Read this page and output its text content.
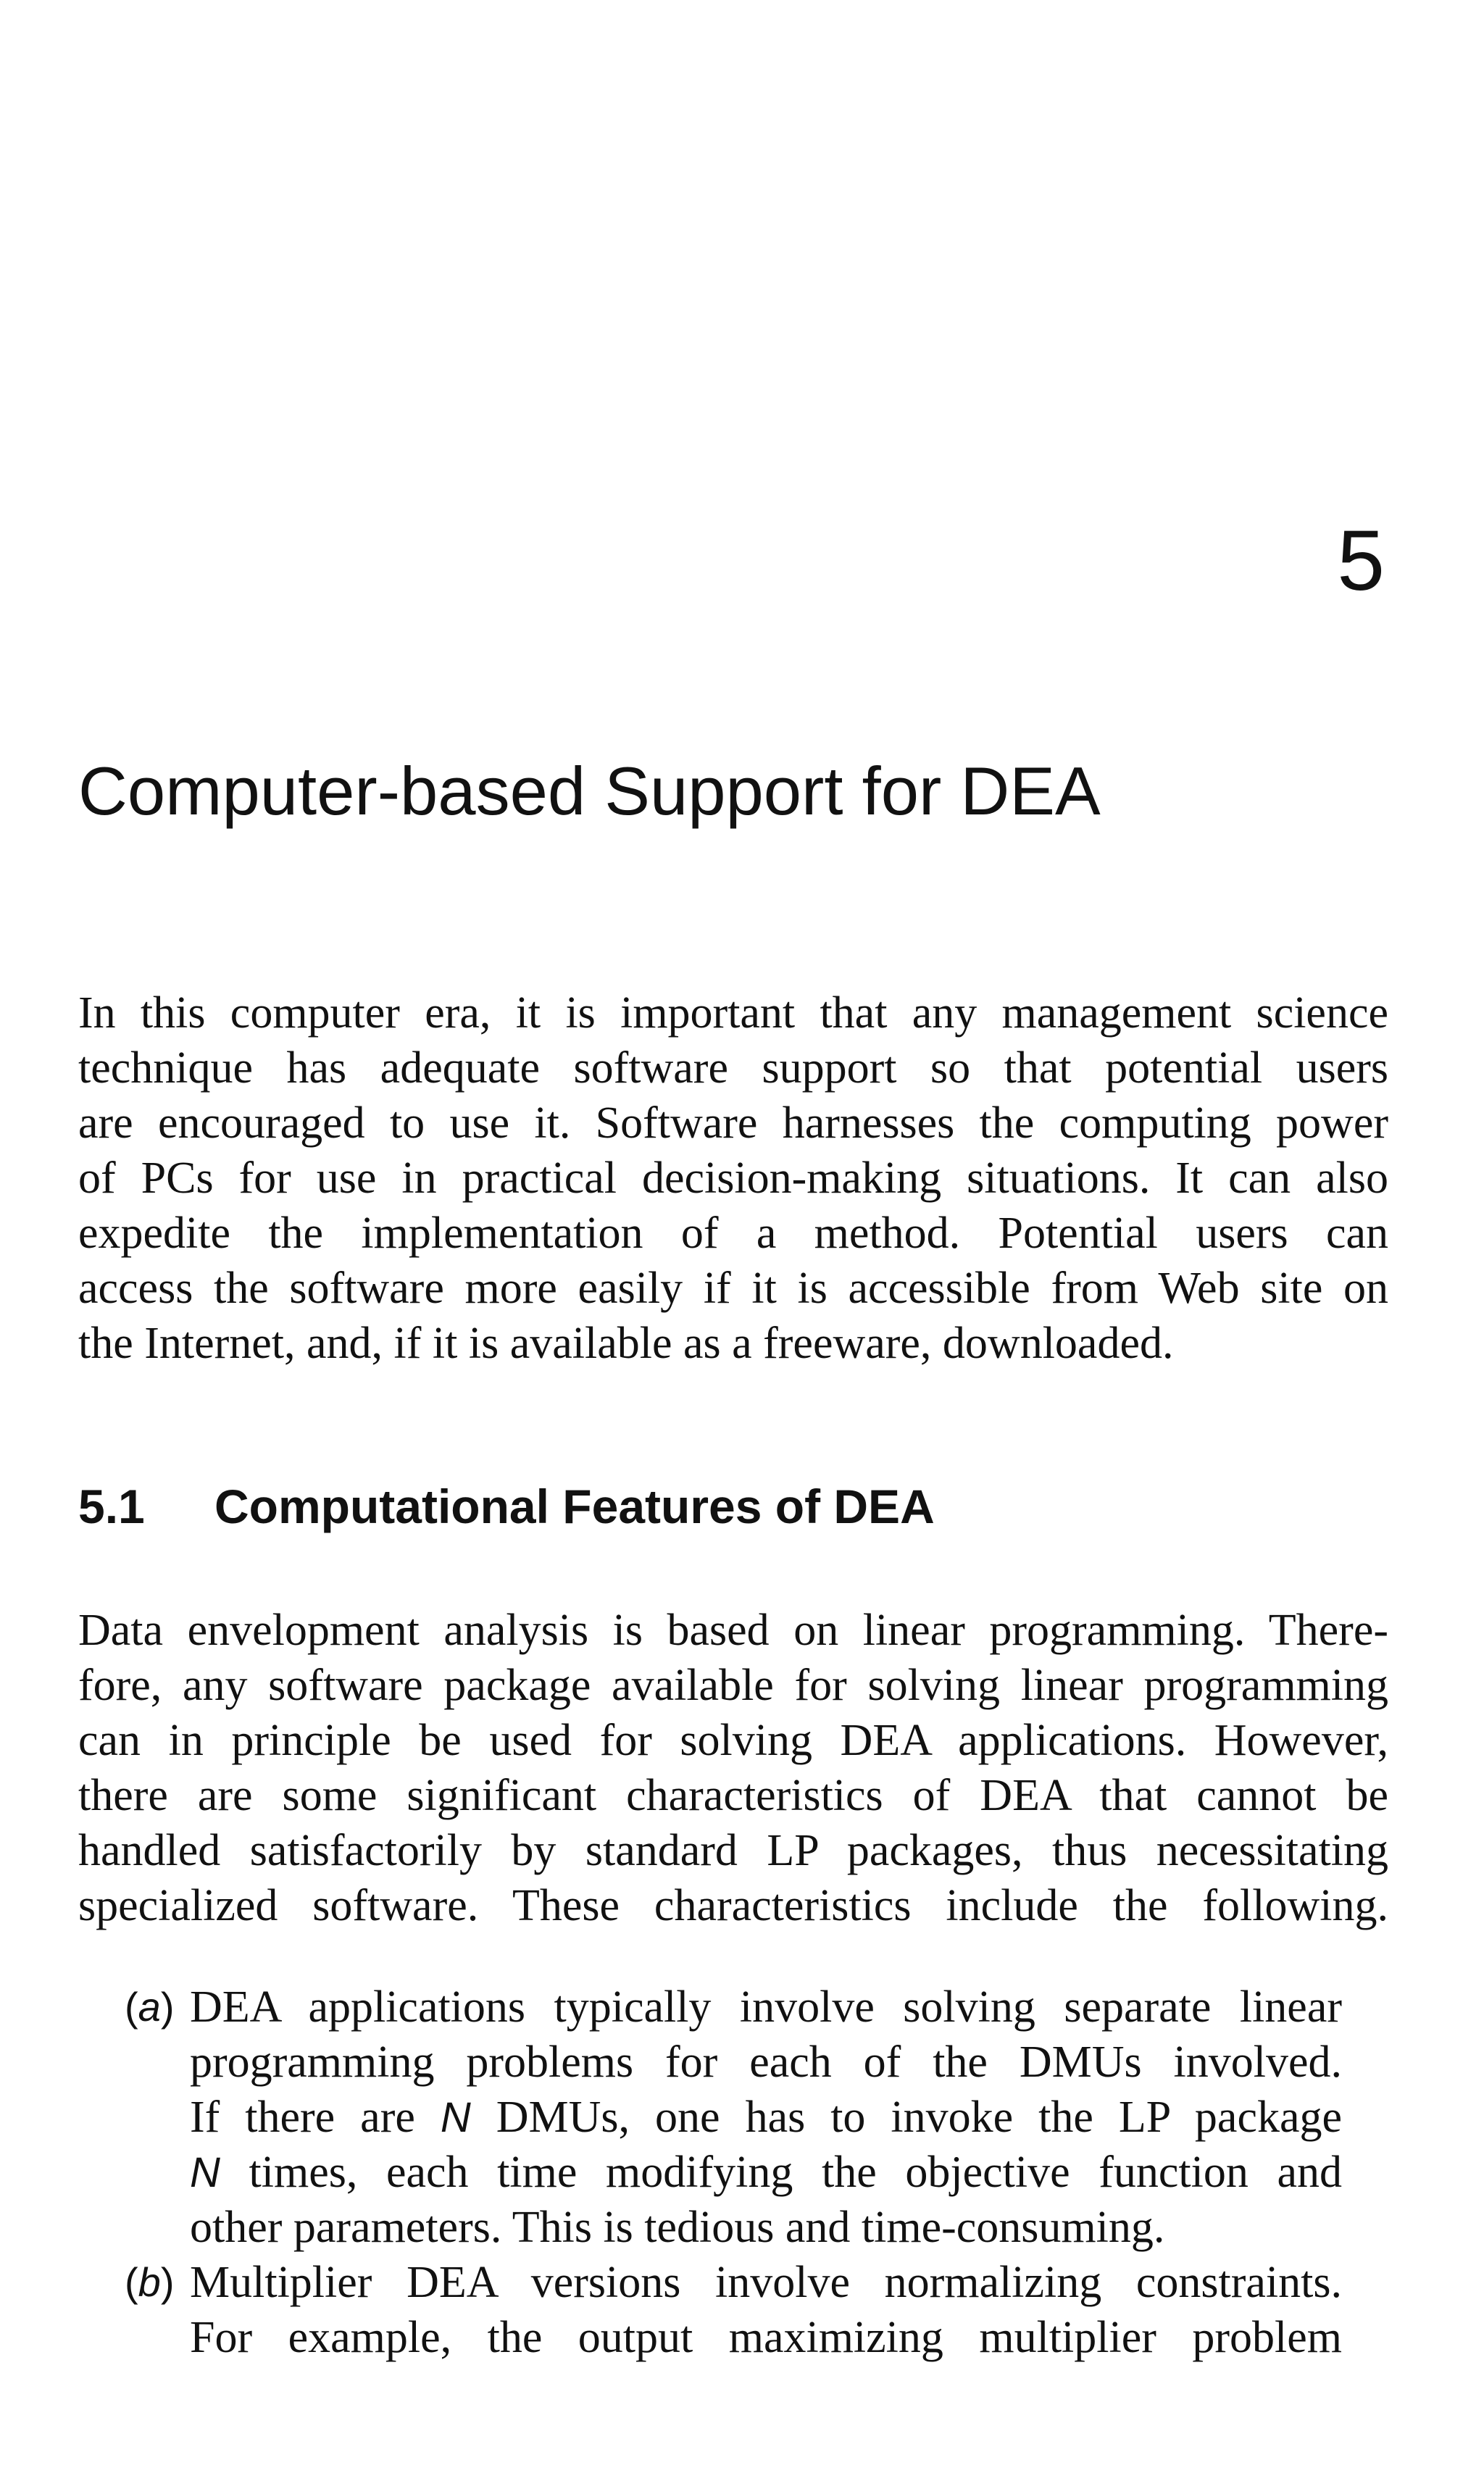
5
Computer-based Support for DEA
In this computer era, it is important that any management science
technique has adequate software support so that potential users
are encouraged to use it. Software harnesses the computing power
of PCs for use in practical decision-making situations. It can also
expedite the implementation of a method. Potential users can
access the software more easily if it is accessible from Web site on
the Internet, and, if it is available as a freeware, downloaded.
5.1 Computational Features of DEA
Data envelopment analysis is based on linear programming. There-
fore, any software package available for solving linear programming
can in principle be used for solving DEA applications. However,
there are some significant characteristics of DEA that cannot be
handled satisfactorily by standard LP packages, thus necessitating
specialized software. These characteristics include the following.
(a) DEA applications typically involve solving separate linear
programming problems for each of the DMUs involved.
If there are N DMUs, one has to invoke the LP package
N times, each time modifying the objective function and
other parameters. This is tedious and time-consuming.
(b) Multiplier DEA versions involve normalizing constraints.
For example, the output maximizing multiplier problem
